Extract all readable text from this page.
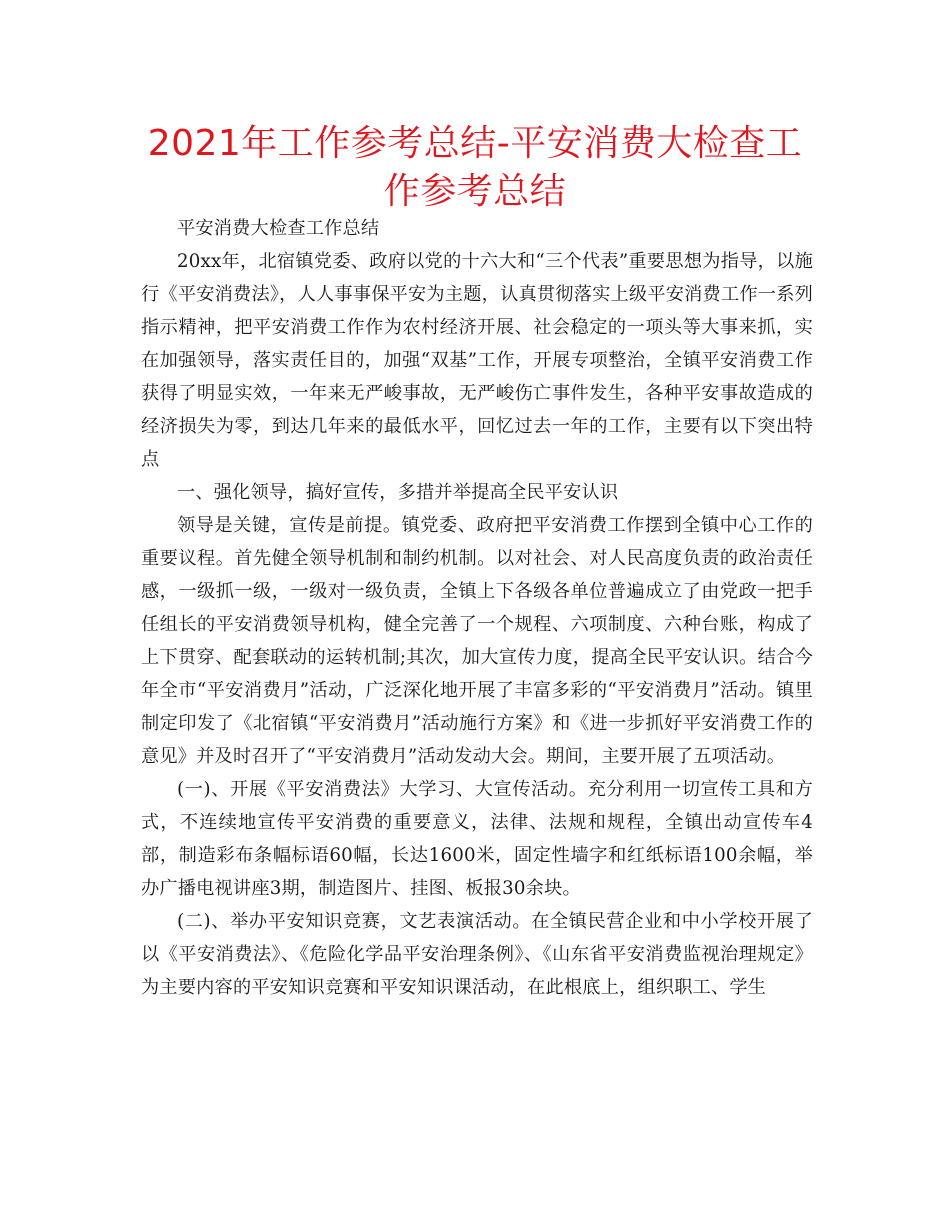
2021年工作参考总结-平安消费大检查工作参考总结

平安消费大检查工作总结

20xx年，北宿镇党委、政府以党的十六大和“三个代表”重要思想为指导，以施行《平安消费法》，人人事事保平安为主题，认真贯彻落实上级平安消费工作一系列指示精神，把平安消费工作作为农村经济开展、社会稳定的一项头等大事来抓，实在加强领导，落实责任目的，加强“双基”工作，开展专项整治，全镇平安消费工作获得了明显实效，一年来无严峻事故，无严峻伤亡事件发生，各种平安事故造成的经济损失为零，到达几年来的最低水平，回忆过去一年的工作，主要有以下突出特点

一、强化领导，搞好宣传，多措并举提高全民平安认识

领导是关键，宣传是前提。镇党委、政府把平安消费工作摆到全镇中心工作的重要议程。首先健全领导机制和制约机制。以对社会、对人民高度负责的政治责任感，一级抓一级，一级对一级负责，全镇上下各级各单位普遍成立了由党政一把手任组长的平安消费领导机构，健全完善了一个规程、六项制度、六种台账，构成了上下贯穿、配套联动的运转机制;其次，加大宣传力度，提高全民平安认识。结合今年全市“平安消费月”活动，广泛深化地开展了丰富多彩的“平安消费月”活动。镇里制定印发了《北宿镇“平安消费月”活动施行方案》和《进一步抓好平安消费工作的意见》并及时召开了“平安消费月”活动发动大会。期间，主要开展了五项活动。

(一)、开展《平安消费法》大学习、大宣传活动。充分利用一切宣传工具和方式，不连续地宣传平安消费的重要意义，法律、法规和规程，全镇出动宣传车4部，制造彩布条幅标语60幅，长达1600米，固定性墙字和红纸标语100余幅，举办广播电视讲座3期，制造图片、挂图、板报30余块。

(二)、举办平安知识竞赛，文艺表演活动。在全镇民营企业和中小学校开展了以《平安消费法》、《危险化学品平安治理条例》、《山东省平安消费监视治理规定》为主要内容的平安知识竞赛和平安知识课活动，在此根底上，组织职工、学生
